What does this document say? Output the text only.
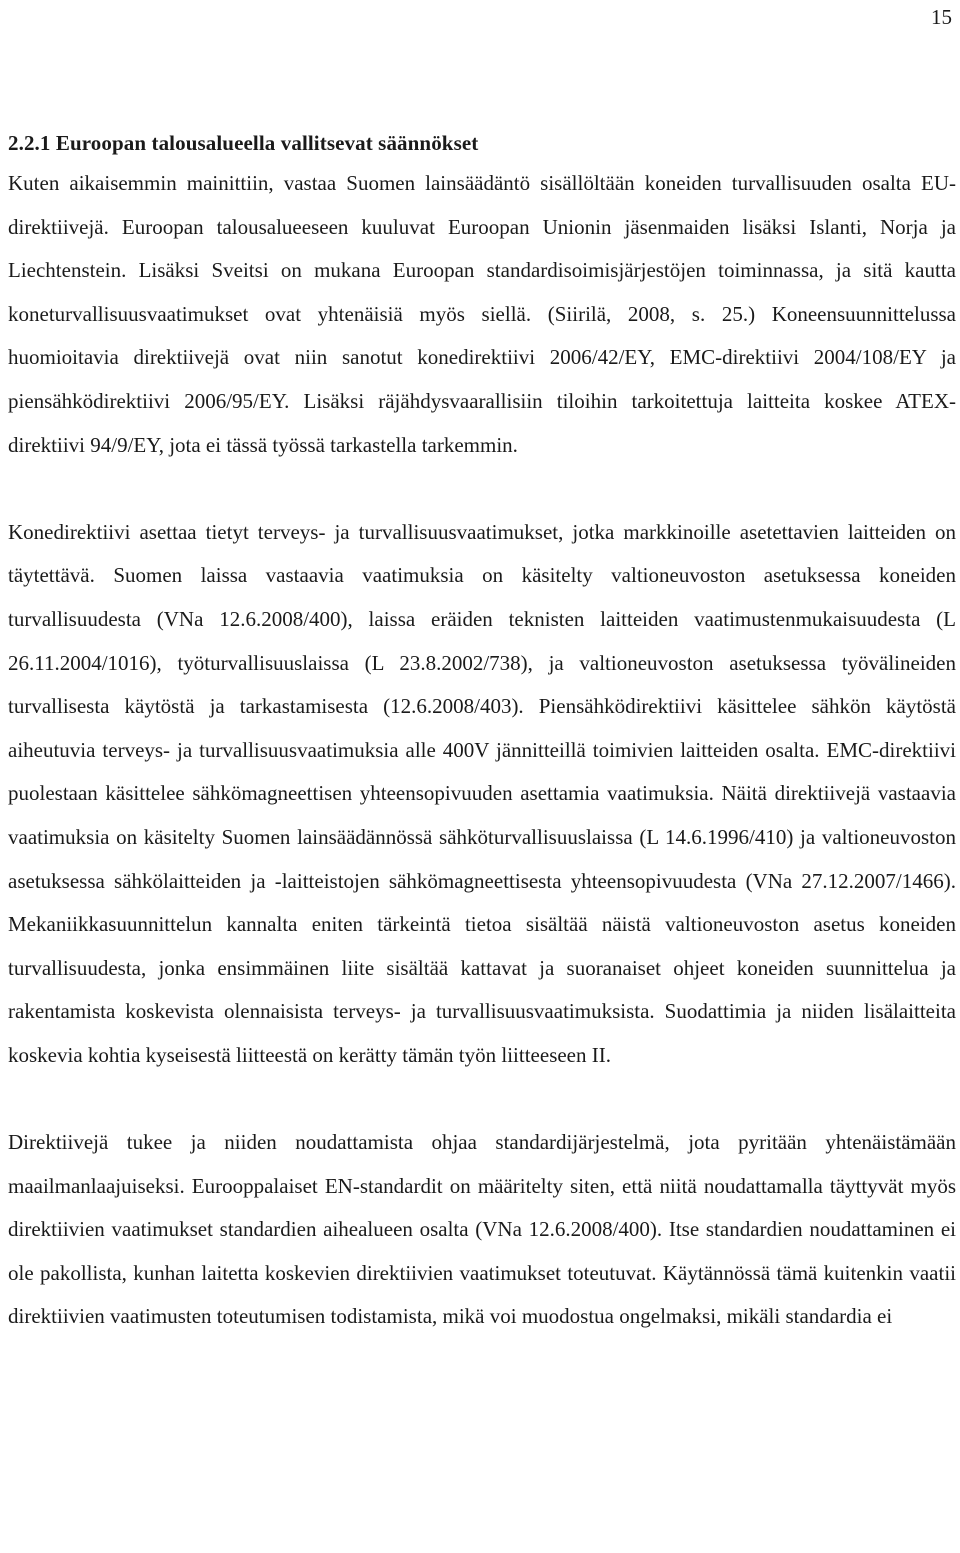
15
2.2.1 Euroopan talousalueella vallitsevat säännökset

Kuten aikaisemmin mainittiin, vastaa Suomen lainsäädäntö sisällöltään koneiden turvallisuuden osalta EU-direktiivejä. Euroopan talousalueeseen kuuluvat Euroopan Unionin jäsenmaiden lisäksi Islanti, Norja ja Liechtenstein. Lisäksi Sveitsi on mukana Euroopan standardisoimisjärjestöjen toiminnassa, ja sitä kautta koneturvallisuusvaatimukset ovat yhtenäisiä myös siellä. (Siirilä, 2008, s. 25.) Koneensuunnittelussa huomioitavia direktiivejä ovat niin sanotut konedirektiivi 2006/42/EY, EMC-direktiivi 2004/108/EY ja piensähködirektiivi 2006/95/EY. Lisäksi räjähdysvaarallisiin tiloihin tarkoitettuja laitteita koskee ATEX-direktiivi 94/9/EY, jota ei tässä työssä tarkastella tarkemmin.

Konedirektiivi asettaa tietyt terveys- ja turvallisuusvaatimukset, jotka markkinoille asetettavien laitteiden on täytettävä. Suomen laissa vastaavia vaatimuksia on käsitelty valtioneuvoston asetuksessa koneiden turvallisuudesta (VNa 12.6.2008/400), laissa eräiden teknisten laitteiden vaatimustenmukaisuudesta (L 26.11.2004/1016), työturvallisuuslaissa (L 23.8.2002/738), ja valtioneuvoston asetuksessa työvälineiden turvallisesta käytöstä ja tarkastamisesta (12.6.2008/403). Piensähködirektiivi käsittelee sähkön käytöstä aiheutuvia terveys- ja turvallisuusvaatimuksia alle 400V jännitteillä toimivien laitteiden osalta. EMC-direktiivi puolestaan käsittelee sähkömagneettisen yhteensopivuuden asettamia vaatimuksia. Näitä direktiivejä vastaavia vaatimuksia on käsitelty Suomen lainsäädännössä sähköturvallisuuslaissa (L 14.6.1996/410) ja valtioneuvoston asetuksessa sähkölaitteiden ja -laitteistojen sähkömagneettisesta yhteensopivuudesta (VNa 27.12.2007/1466). Mekaniikkasuunnittelun kannalta eniten tärkeintä tietoa sisältää näistä valtioneuvoston asetus koneiden turvallisuudesta, jonka ensimmäinen liite sisältää kattavat ja suoranaiset ohjeet koneiden suunnittelua ja rakentamista koskevista olennaisista terveys- ja turvallisuusvaatimuksista. Suodattimia ja niiden lisälaitteita koskevia kohtia kyseisestä liitteestä on kerätty tämän työn liitteeseen II.

Direktiivejä tukee ja niiden noudattamista ohjaa standardijärjestelmä, jota pyritään yhtenäistämään maailmanlaajuiseksi. Eurooppalaiset EN-standardit on määritelty siten, että niitä noudattamalla täyttyvät myös direktiivien vaatimukset standardien aihealueen osalta (VNa 12.6.2008/400). Itse standardien noudattaminen ei ole pakollista, kunhan laitetta koskevien direktiivien vaatimukset toteutuvat. Käytännössä tämä kuitenkin vaatii direktiivien vaatimusten toteutumisen todistamista, mikä voi muodostua ongelmaksi, mikäli standardia ei
